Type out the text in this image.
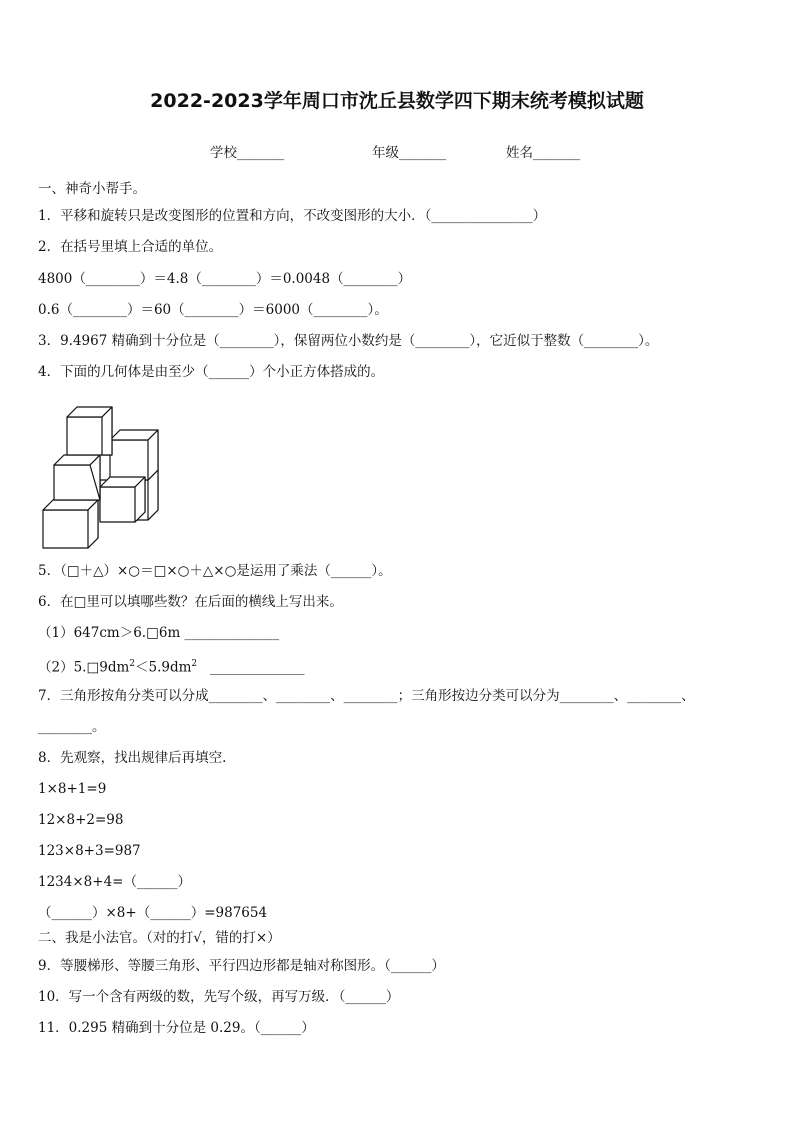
2022-2023学年周口市沈丘县数学四下期末统考模拟试题
学校_______	年级_______	姓名_______
一、神奇小帮手。
1．平移和旋转只是改变图形的位置和方向，不改变图形的大小．（_______________）
2．在括号里填上合适的单位。
4800（________）＝4.8（________）＝0.0048（________）
0.6（________）＝60（________）＝6000（________）。
3．9.4967 精确到十分位是（________），保留两位小数约是（________），它近似于整数（________）。
4．下面的几何体是由至少（______）个小正方体搭成的。
5．（□＋△）×○＝□×○＋△×○是运用了乘法（______）。
6．在□里可以填哪些数？在后面的横线上写出来。
（1）647cm＞6.□6m ______________
$(2)5.□9dm^2<5.9dm^2$ ______________
7．三角形按角分类可以分成________、________、________；三角形按边分类可以分为________、________、
________。
8．先观察，找出规律后再填空.
1×8+1=9
12×8+2=98
123×8+3=987
1234×8+4=（______）
（______）×8+（______）=987654
二、我是小法官。（对的打√，错的打×）
9．等腰梯形、等腰三角形、平行四边形都是轴对称图形。（______）
10．写一个含有两级的数，先写个级，再写万级．（______）
11．0.295 精确到十分位是 0.29。（______）
